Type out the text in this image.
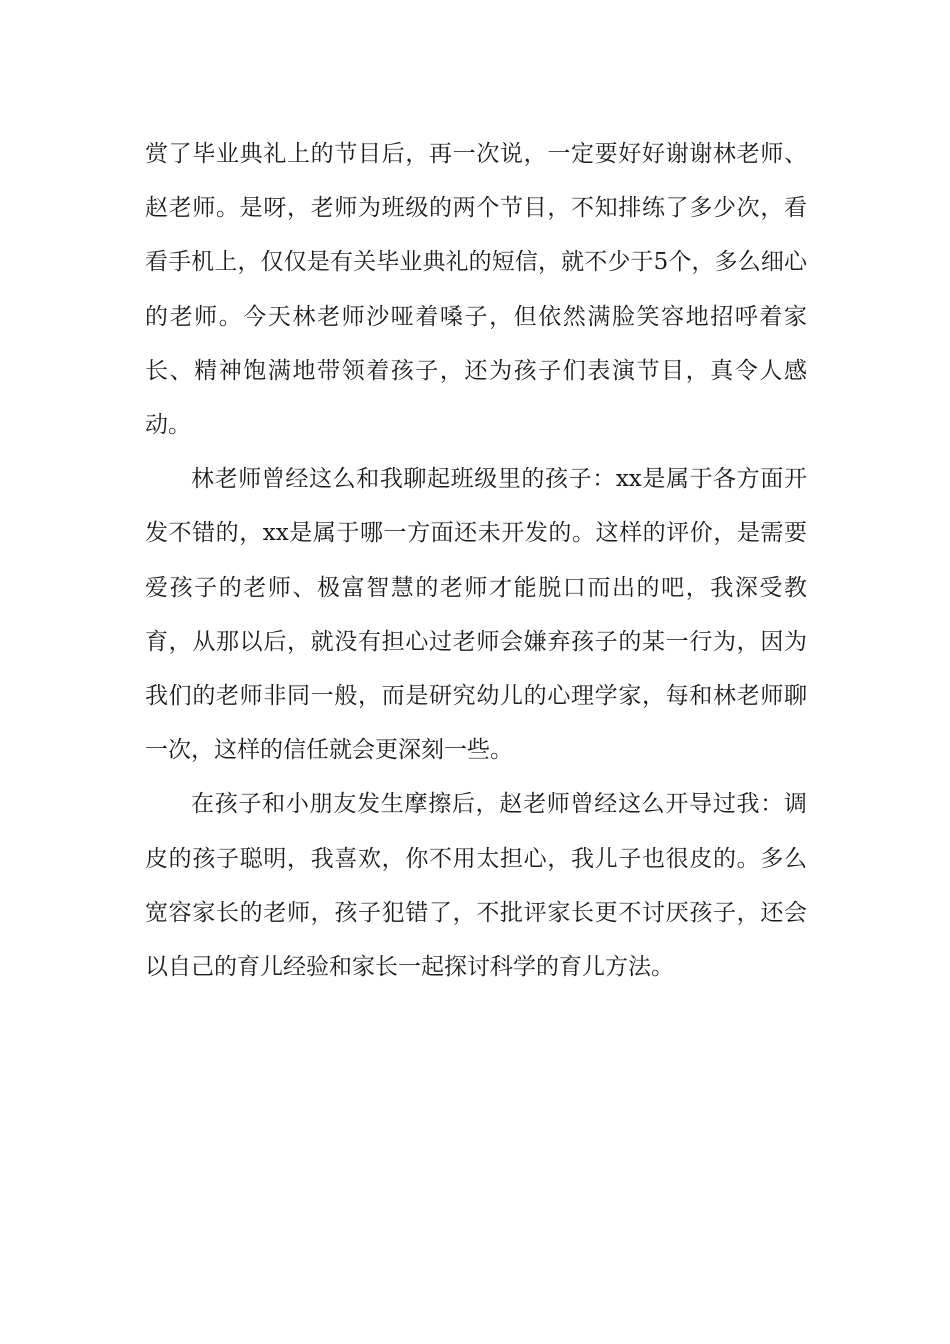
赏了毕业典礼上的节目后，再一次说，一定要好好谢谢林老师、赵老师。是呀，老师为班级的两个节目，不知排练了多少次，看看手机上，仅仅是有关毕业典礼的短信，就不少于5个，多么细心的老师。今天林老师沙哑着嗓子，但依然满脸笑容地招呼着家长、精神饱满地带领着孩子，还为孩子们表演节目，真令人感动。

林老师曾经这么和我聊起班级里的孩子：xx是属于各方面开发不错的，xx是属于哪一方面还未开发的。这样的评价，是需要爱孩子的老师、极富智慧的老师才能脱口而出的吧，我深受教育，从那以后，就没有担心过老师会嫌弃孩子的某一行为，因为我们的老师非同一般，而是研究幼儿的心理学家，每和林老师聊一次，这样的信任就会更深刻一些。

在孩子和小朋友发生摩擦后，赵老师曾经这么开导过我：调皮的孩子聪明，我喜欢，你不用太担心，我儿子也很皮的。多么宽容家长的老师，孩子犯错了，不批评家长更不讨厌孩子，还会以自己的育儿经验和家长一起探讨科学的育儿方法。
